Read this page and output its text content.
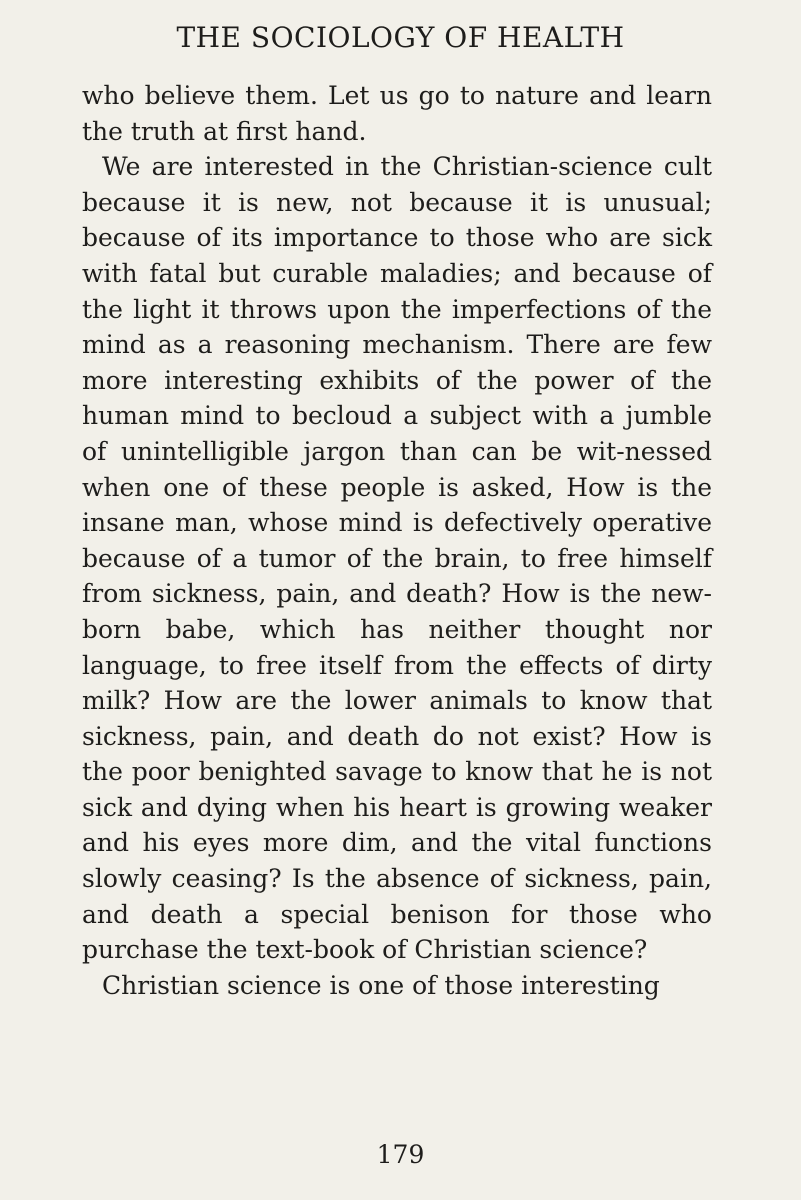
THE SOCIOLOGY OF HEALTH

who believe them. Let us go to nature and learn the truth at first hand.

We are interested in the Christian-science cult because it is new, not because it is unusual; because of its importance to those who are sick with fatal but curable maladies; and because of the light it throws upon the imperfections of the mind as a reasoning mechanism. There are few more interesting exhibits of the power of the human mind to becloud a subject with a jumble of unintelligible jargon than can be wit-nessed when one of these people is asked, How is the insane man, whose mind is defectively operative because of a tumor of the brain, to free himself from sickness, pain, and death? How is the new-born babe, which has neither thought nor language, to free itself from the effects of dirty milk? How are the lower animals to know that sickness, pain, and death do not exist? How is the poor benighted savage to know that he is not sick and dying when his heart is growing weaker and his eyes more dim, and the vital functions slowly ceasing? Is the absence of sickness, pain, and death a special benison for those who purchase the text-book of Christian science?

Christian science is one of those interesting

179
